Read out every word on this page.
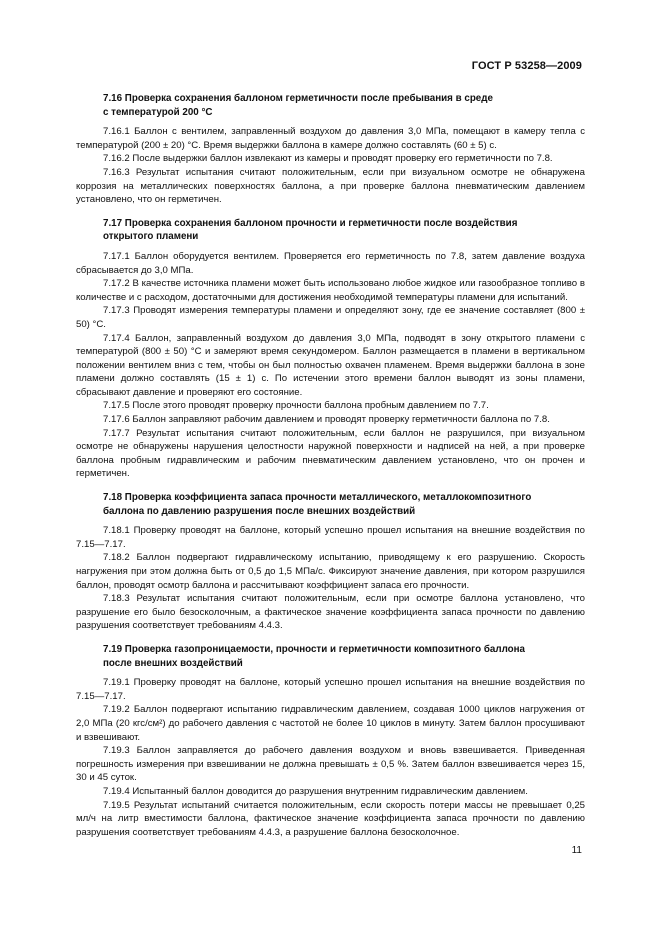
ГОСТ Р 53258—2009
7.16 Проверка сохранения баллоном герметичности после пребывания в среде
с температурой 200 °С

7.16.1 Баллон с вентилем, заправленный воздухом до давления 3,0 МПа, помещают в камеру тепла с температурой (200 ± 20) °С. Время выдержки баллона в камере должно составлять (60 ± 5) с.

7.16.2 После выдержки баллон извлекают из камеры и проводят проверку его герметичности по 7.8.

7.16.3 Результат испытания считают положительным, если при визуальном осмотре не обнаружена коррозия на металлических поверхностях баллона, а при проверке баллона пневматическим давлением установлено, что он герметичен.

7.17 Проверка сохранения баллоном прочности и герметичности после воздействия
открытого пламени

7.17.1 Баллон оборудуется вентилем. Проверяется его герметичность по 7.8, затем давление воздуха сбрасывается до 3,0 МПа.

7.17.2 В качестве источника пламени может быть использовано любое жидкое или газообразное топливо в количестве и с расходом, достаточными для достижения необходимой температуры пламени для испытаний.

7.17.3 Проводят измерения температуры пламени и определяют зону, где ее значение составляет (800 ± 50) °С.

7.17.4 Баллон, заправленный воздухом до давления 3,0 МПа, подводят в зону открытого пламени с температурой (800 ± 50) °С и замеряют время секундомером. Баллон размещается в пламени в вертикальном положении вентилем вниз с тем, чтобы он был полностью охвачен пламенем. Время выдержки баллона в зоне пламени должно составлять (15 ± 1) с. По истечении этого времени баллон выводят из зоны пламени, сбрасывают давление и проверяют его состояние.

7.17.5 После этого проводят проверку прочности баллона пробным давлением по 7.7.

7.17.6 Баллон заправляют рабочим давлением и проводят проверку герметичности баллона по 7.8.

7.17.7 Результат испытания считают положительным, если баллон не разрушился, при визуальном осмотре не обнаружены нарушения целостности наружной поверхности и надписей на ней, а при проверке баллона пробным гидравлическим и рабочим пневматическим давлением установлено, что он прочен и герметичен.

7.18 Проверка коэффициента запаса прочности металлического, металлокомпозитного
баллона по давлению разрушения после внешних воздействий

7.18.1 Проверку проводят на баллоне, который успешно прошел испытания на внешние воздействия по 7.15—7.17.

7.18.2 Баллон подвергают гидравлическому испытанию, приводящему к его разрушению. Скорость нагружения при этом должна быть от 0,5 до 1,5 МПа/с. Фиксируют значение давления, при котором разрушился баллон, проводят осмотр баллона и рассчитывают коэффициент запаса его прочности.

7.18.3 Результат испытания считают положительным, если при осмотре баллона установлено, что разрушение его было безосколочным, а фактическое значение коэффициента запаса прочности по давлению разрушения соответствует требованиям 4.4.3.

7.19 Проверка газопроницаемости, прочности и герметичности композитного баллона
после внешних воздействий

7.19.1 Проверку проводят на баллоне, который успешно прошел испытания на внешние воздействия по 7.15—7.17.

7.19.2 Баллон подвергают испытанию гидравлическим давлением, создавая 1000 циклов нагружения от 2,0 МПа (20 кгс/см²) до рабочего давления с частотой не более 10 циклов в минуту. Затем баллон просушивают и взвешивают.

7.19.3 Баллон заправляется до рабочего давления воздухом и вновь взвешивается. Приведенная погрешность измерения при взвешивании не должна превышать ± 0,5 %. Затем баллон взвешивается через 15, 30 и 45 суток.

7.19.4 Испытанный баллон доводится до разрушения внутренним гидравлическим давлением.

7.19.5 Результат испытаний считается положительным, если скорость потери массы не превышает 0,25 мл/ч на литр вместимости баллона, фактическое значение коэффициента запаса прочности по давлению разрушения соответствует требованиям 4.4.3, а разрушение баллона безосколочное.

11
